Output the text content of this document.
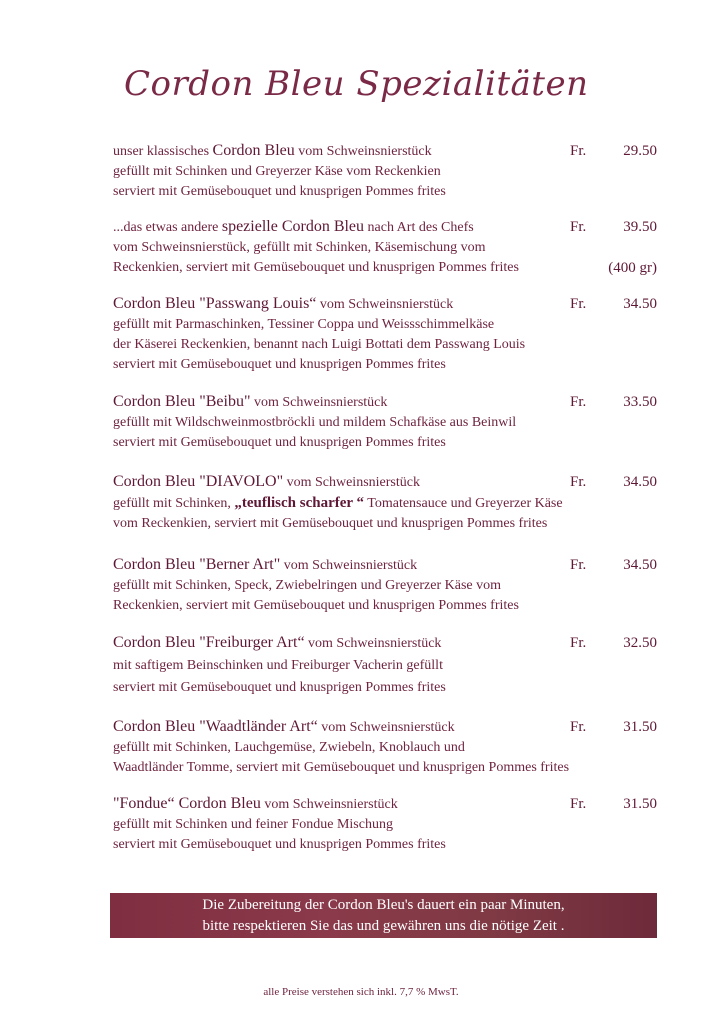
Cordon Bleu Spezialitäten
unser klassisches Cordon Bleu vom Schweinsnierstück	Fr. 29.50
gefüllt mit Schinken und Greyerzer Käse vom Reckenkien
serviert mit Gemüsebouquet und knusprigen Pommes frites
...das etwas andere spezielle Cordon Bleu nach Art des Chefs	Fr. 39.50
vom Schweinsnierstück, gefüllt mit Schinken, Käsemischung vom
Reckenkien, serviert mit Gemüsebouquet und knusprigen Pommes frites	(400 gr)
Cordon Bleu "Passwang Louis“ vom Schweinsnierstück	Fr. 34.50
gefüllt mit Parmaschinken, Tessiner Coppa und Weissschimmelkäse
der Käserei Reckenkien, benannt nach Luigi Bottati dem Passwang Louis
serviert mit Gemüsebouquet und knusprigen Pommes frites
Cordon Bleu "Beibu" vom Schweinsnierstück	Fr. 33.50
gefüllt mit Wildschweinmostbröckli und mildem Schafkäse aus Beinwil
serviert mit Gemüsebouquet und knusprigen Pommes frites
Cordon Bleu "DIAVOLO" vom Schweinsnierstück	Fr. 34.50
gefüllt mit Schinken, „teuflisch scharfer “ Tomatensauce und Greyerzer Käse
vom Reckenkien, serviert mit Gemüsebouquet und knusprigen Pommes frites
Cordon Bleu "Berner Art" vom Schweinsnierstück	Fr. 34.50
gefüllt mit Schinken, Speck, Zwiebelringen und Greyerzer Käse vom
Reckenkien, serviert mit Gemüsebouquet und knusprigen Pommes frites
Cordon Bleu "Freiburger Art“ vom Schweinsnierstück	Fr. 32.50
mit saftigem Beinschinken und Freiburger Vacherin gefüllt
serviert mit Gemüsebouquet und knusprigen Pommes frites
Cordon Bleu "Waadtländer Art“ vom Schweinsnierstück	Fr. 31.50
gefüllt mit Schinken, Lauchgemüse, Zwiebeln, Knoblauch und
Waadtländer Tomme, serviert mit Gemüsebouquet und knusprigen Pommes frites
"Fondue“ Cordon Bleu vom Schweinsnierstück	Fr. 31.50
gefüllt mit Schinken und feiner Fondue Mischung
serviert mit Gemüsebouquet und knusprigen Pommes frites
Die Zubereitung der Cordon Bleu's dauert ein paar Minuten,
bitte respektieren Sie das und gewähren uns die nötige Zeit .
alle Preise verstehen sich inkl. 7,7 % MwsT.
